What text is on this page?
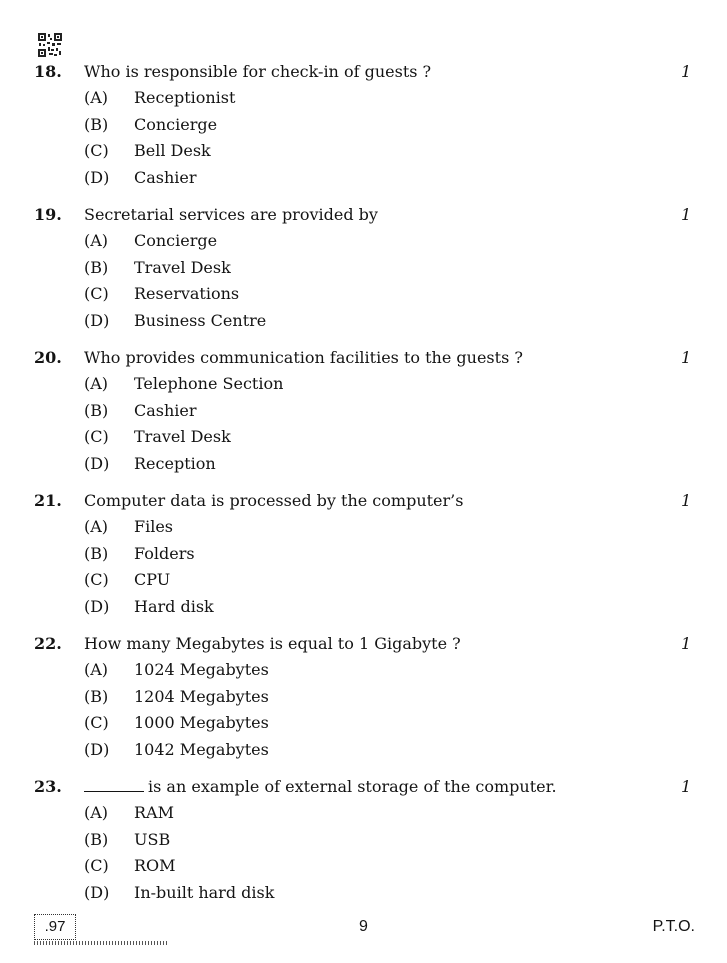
18. Who is responsible for check-in of guests ?	1
(A) Receptionist
(B) Concierge
(C) Bell Desk
(D) Cashier
19. Secretarial services are provided by	1
(A) Concierge
(B) Travel Desk
(C) Reservations
(D) Business Centre
20. Who provides communication facilities to the guests ?	1
(A) Telephone Section
(B) Cashier
(C) Travel Desk
(D) Reception
21. Computer data is processed by the computer’s	1
(A) Files
(B) Folders
(C) CPU
(D) Hard disk
22. How many Megabytes is equal to 1 Gigabyte ?	1
(A) 1024 Megabytes
(B) 1204 Megabytes
(C) 1000 Megabytes
(D) 1042 Megabytes
23.	is an example of external storage of the computer.	1
(A) RAM
(B) USB
(C) ROM
(D) In-built hard disk
.97	9	P.T.O.
